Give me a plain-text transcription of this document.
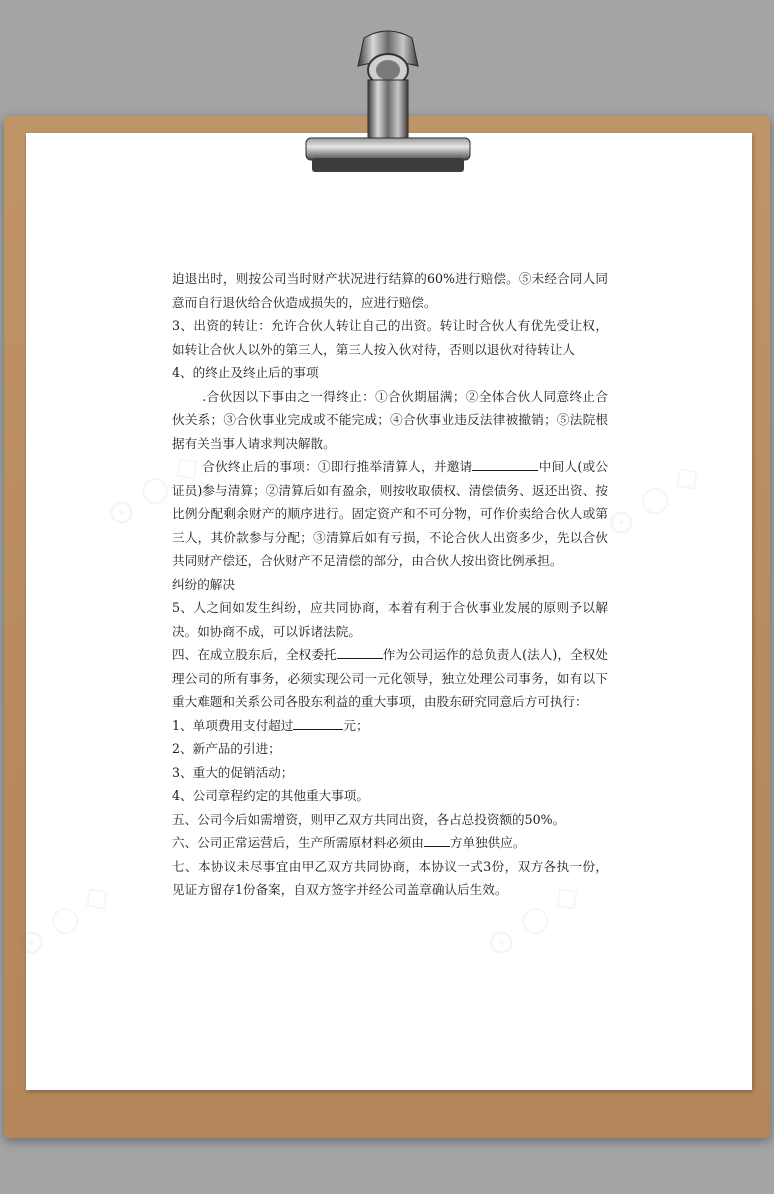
⊙ ○ ◇	⊙ ○ ◇
⊙ ○ ◇	⊙ ○ ◇

迫退出时，则按公司当时财产状况进行结算的60%进行赔偿。⑤未经合同人同意而自行退伙给合伙造成损失的，应进行赔偿。

3、出资的转让：允许合伙人转让自己的出资。转让时合伙人有优先受让权，如转让合伙人以外的第三人，第三人按入伙对待，否则以退伙对待转让人

4、的终止及终止后的事项

.合伙因以下事由之一得终止：①合伙期届满；②全体合伙人同意终止合伙关系；③合伙事业完成或不能完成；④合伙事业违反法律被撤销；⑤法院根据有关当事人请求判决解散。

合伙终止后的事项：①即行推举清算人，并邀请	中间人(或公证员)参与清算；②清算后如有盈余，则按收取债权、清偿债务、返还出资、按比例分配剩余财产的顺序进行。固定资产和不可分物，可作价卖给合伙人或第三人，其价款参与分配；③清算后如有亏损，不论合伙人出资多少，先以合伙共同财产偿还，合伙财产不足清偿的部分，由合伙人按出资比例承担。

纠纷的解决

5、人之间如发生纠纷，应共同协商，本着有利于合伙事业发展的原则予以解决。如协商不成，可以诉诸法院。

四、在成立股东后，全权委托	作为公司运作的总负责人(法人)，全权处理公司的所有事务，必须实现公司一元化领导，独立处理公司事务，如有以下重大难题和关系公司各股东利益的重大事项，由股东研究同意后方可执行：

1、单项费用支付超过	元；

2、新产品的引进；

3、重大的促销活动；

4、公司章程约定的其他重大事项。

五、公司今后如需增资，则甲乙双方共同出资，各占总投资额的50%。

六、公司正常运营后，生产所需原材料必须由 方单独供应。

七、本协议未尽事宜由甲乙双方共同协商，本协议一式3份，双方各执一份，见证方留存1份备案，自双方签字并经公司盖章确认后生效。
